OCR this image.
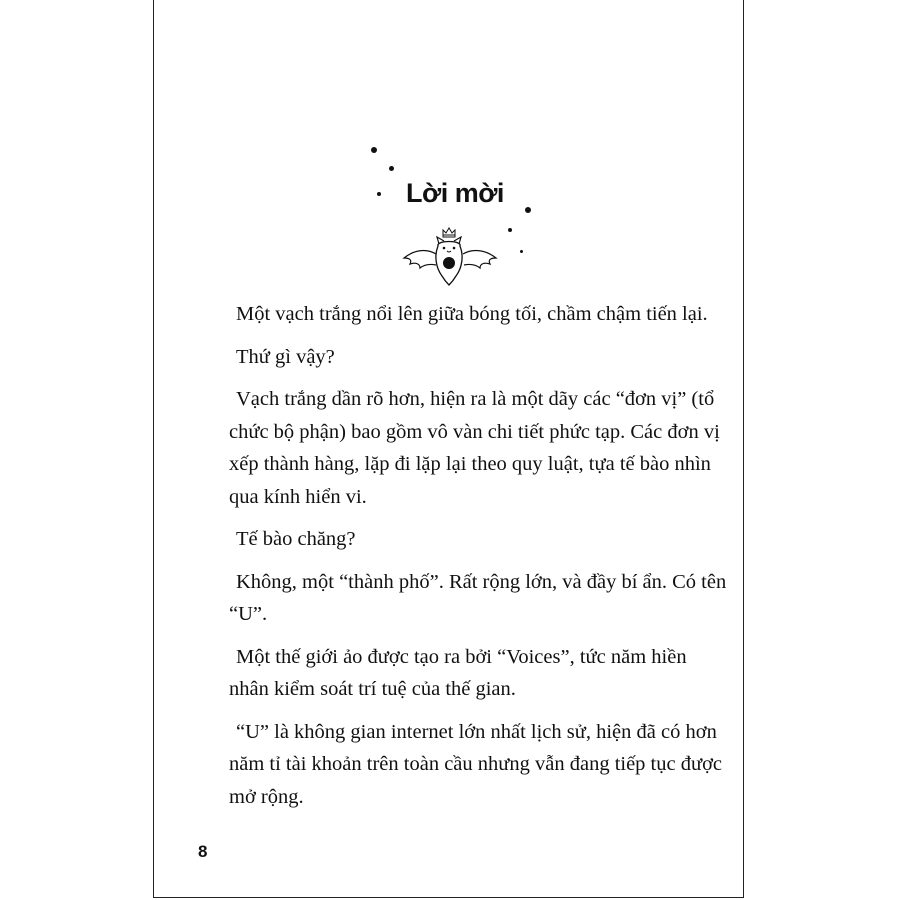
Lời mời

Một vạch trắng nổi lên giữa bóng tối, chầm chậm tiến lại.

Thứ gì vậy?

Vạch trắng dần rõ hơn, hiện ra là một dãy các “đơn vị” (tổ chức bộ phận) bao gồm vô vàn chi tiết phức tạp. Các đơn vị xếp thành hàng, lặp đi lặp lại theo quy luật, tựa tế bào nhìn qua kính hiển vi.

Tế bào chăng?

Không, một “thành phố”. Rất rộng lớn, và đầy bí ẩn. Có tên “U”.

Một thế giới ảo được tạo ra bởi “Voices”, tức năm hiền nhân kiểm soát trí tuệ của thế gian.

“U” là không gian internet lớn nhất lịch sử, hiện đã có hơn năm tỉ tài khoản trên toàn cầu nhưng vẫn đang tiếp tục được mở rộng.

8
